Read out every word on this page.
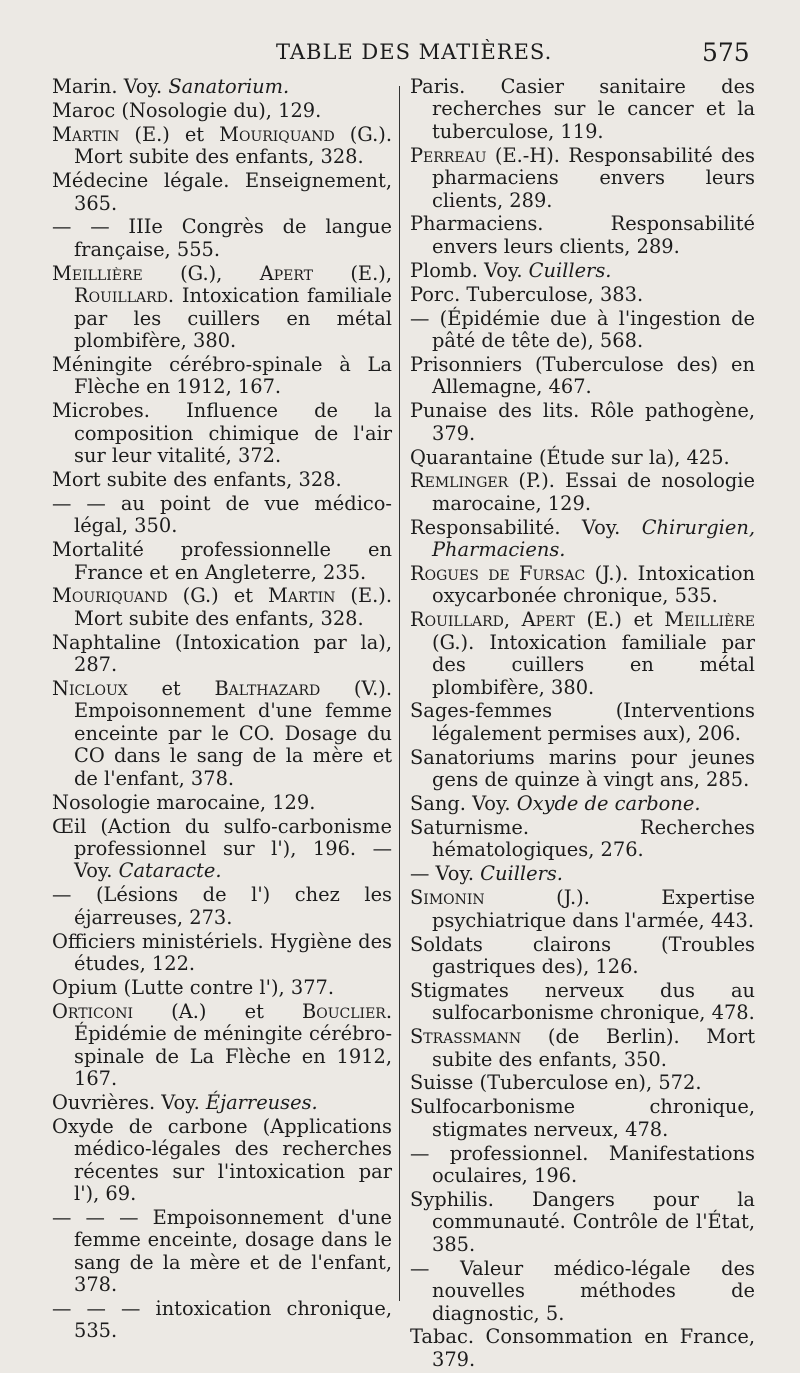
TABLE DES MATIÈRES.	575

Marin. Voy. Sanatorium.

Maroc (Nosologie du), 129.

Martin (E.) et Mouriquand (G.). Mort subite des enfants, 328.

Médecine légale. Enseignement, 365.

— — IIIe Congrès de langue française, 555.

Meillière (G.), Apert (E.), Rouillard. Intoxication familiale par les cuillers en métal plombifère, 380.

Méningite cérébro-spinale à La Flèche en 1912, 167.

Microbes. Influence de la composition chimique de l'air sur leur vitalité, 372.

Mort subite des enfants, 328.

— — au point de vue médico-légal, 350.

Mortalité professionnelle en France et en Angleterre, 235.

Mouriquand (G.) et Martin (E.). Mort subite des enfants, 328.

Naphtaline (Intoxication par la), 287.

Nicloux et Balthazard (V.). Empoisonnement d'une femme enceinte par le CO. Dosage du CO dans le sang de la mère et de l'enfant, 378.

Nosologie marocaine, 129.

Œil (Action du sulfo-carbonisme professionnel sur l'), 196. — Voy. Cataracte.

— (Lésions de l') chez les éjarreuses, 273.

Officiers ministériels. Hygiène des études, 122.

Opium (Lutte contre l'), 377.

Orticoni (A.) et Bouclier. Épidémie de méningite cérébro-spinale de La Flèche en 1912, 167.

Ouvrières. Voy. Éjarreuses.

Oxyde de carbone (Applications médico-légales des recherches récentes sur l'intoxication par l'), 69.

— — — Empoisonnement d'une femme enceinte, dosage dans le sang de la mère et de l'enfant, 378.

— — — intoxication chronique, 535.

Paris. Casier sanitaire des recherches sur le cancer et la tuberculose, 119.

Perreau (E.-H). Responsabilité des pharmaciens envers leurs clients, 289.

Pharmaciens. Responsabilité envers leurs clients, 289.

Plomb. Voy. Cuillers.

Porc. Tuberculose, 383.

— (Épidémie due à l'ingestion de pâté de tête de), 568.

Prisonniers (Tuberculose des) en Allemagne, 467.

Punaise des lits. Rôle pathogène, 379.

Quarantaine (Étude sur la), 425.

Remlinger (P.). Essai de nosologie marocaine, 129.

Responsabilité. Voy. Chirurgien, Pharmaciens.

Rogues de Fursac (J.). Intoxication oxycarbonée chronique, 535.

Rouillard, Apert (E.) et Meillière (G.). Intoxication familiale par des cuillers en métal plombifère, 380.

Sages-femmes (Interventions légalement permises aux), 206.

Sanatoriums marins pour jeunes gens de quinze à vingt ans, 285.

Sang. Voy. Oxyde de carbone.

Saturnisme. Recherches hématologiques, 276.

— Voy. Cuillers.

Simonin (J.). Expertise psychiatrique dans l'armée, 443.

Soldats clairons (Troubles gastriques des), 126.

Stigmates nerveux dus au sulfocarbonisme chronique, 478.

Strassmann (de Berlin). Mort subite des enfants, 350.

Suisse (Tuberculose en), 572.

Sulfocarbonisme chronique, stigmates nerveux, 478.

— professionnel. Manifestations oculaires, 196.

Syphilis. Dangers pour la communauté. Contrôle de l'État, 385.

— Valeur médico-légale des nouvelles méthodes de diagnostic, 5.

Tabac. Consommation en France, 379.
